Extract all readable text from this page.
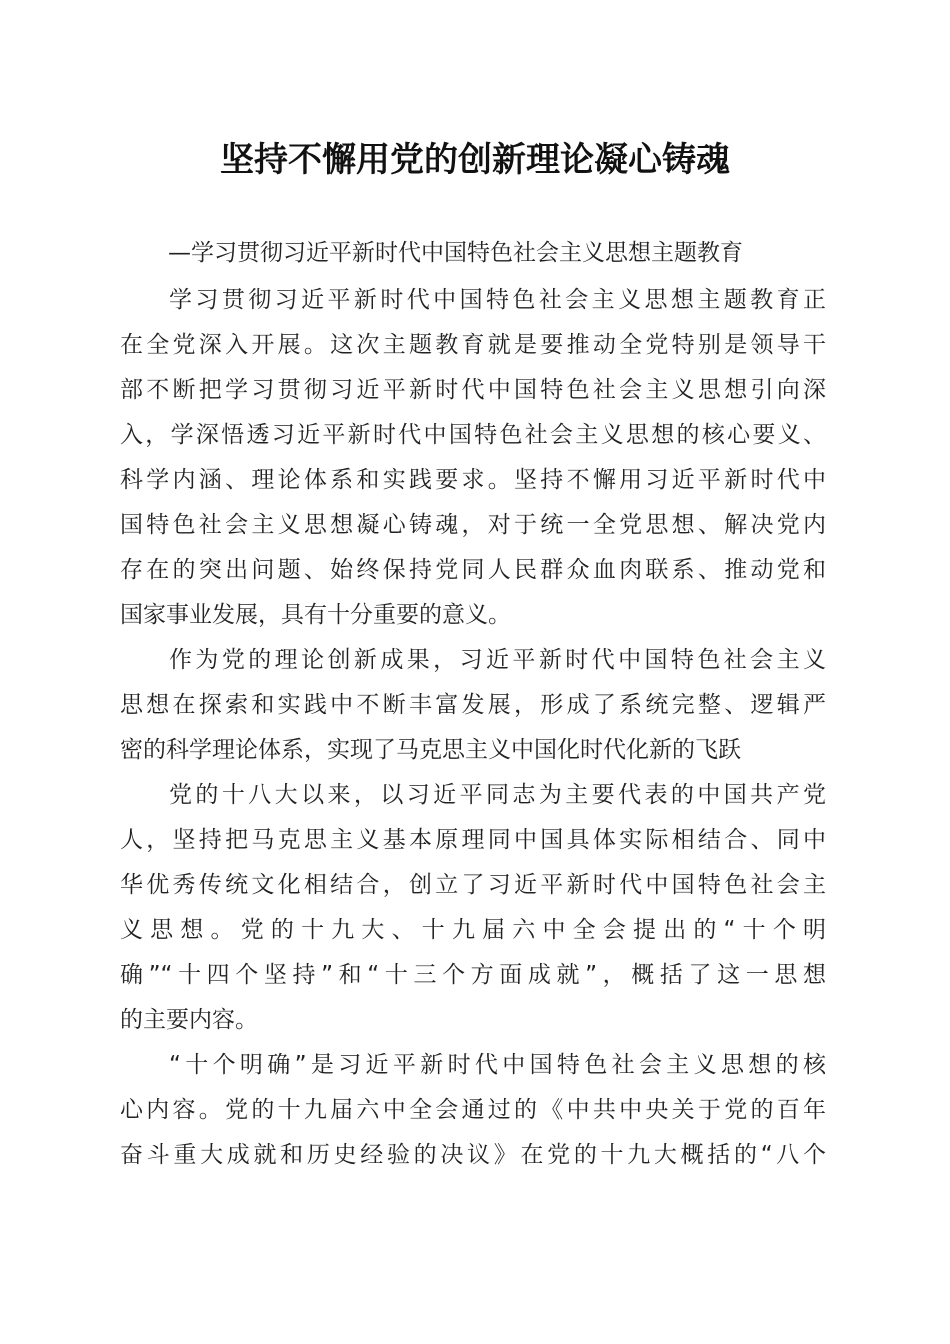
坚持不懈用党的创新理论凝心铸魂

—学习贯彻习近平新时代中国特色社会主义思想主题教育

学习贯彻习近平新时代中国特色社会主义思想主题教育正
在全党深入开展。这次主题教育就是要推动全党特别是领导干
部不断把学习贯彻习近平新时代中国特色社会主义思想引向深
入，学深悟透习近平新时代中国特色社会主义思想的核心要义、
科学内涵、理论体系和实践要求。坚持不懈用习近平新时代中
国特色社会主义思想凝心铸魂，对于统一全党思想、解决党内
存在的突出问题、始终保持党同人民群众血肉联系、推动党和
国家事业发展，具有十分重要的意义。

作为党的理论创新成果，习近平新时代中国特色社会主义
思想在探索和实践中不断丰富发展，形成了系统完整、逻辑严
密的科学理论体系，实现了马克思主义中国化时代化新的飞跃

党的十八大以来，以习近平同志为主要代表的中国共产党
人，坚持把马克思主义基本原理同中国具体实际相结合、同中
华优秀传统文化相结合，创立了习近平新时代中国特色社会主
义思想。党的十九大、十九届六中全会提出的“十个明
确”“十四个坚持”和“十三个方面成就”，概括了这一思想
的主要内容。

“十个明确”是习近平新时代中国特色社会主义思想的核
心内容。党的十九届六中全会通过的《中共中央关于党的百年
奋斗重大成就和历史经验的决议》在党的十九大概括的“八个
